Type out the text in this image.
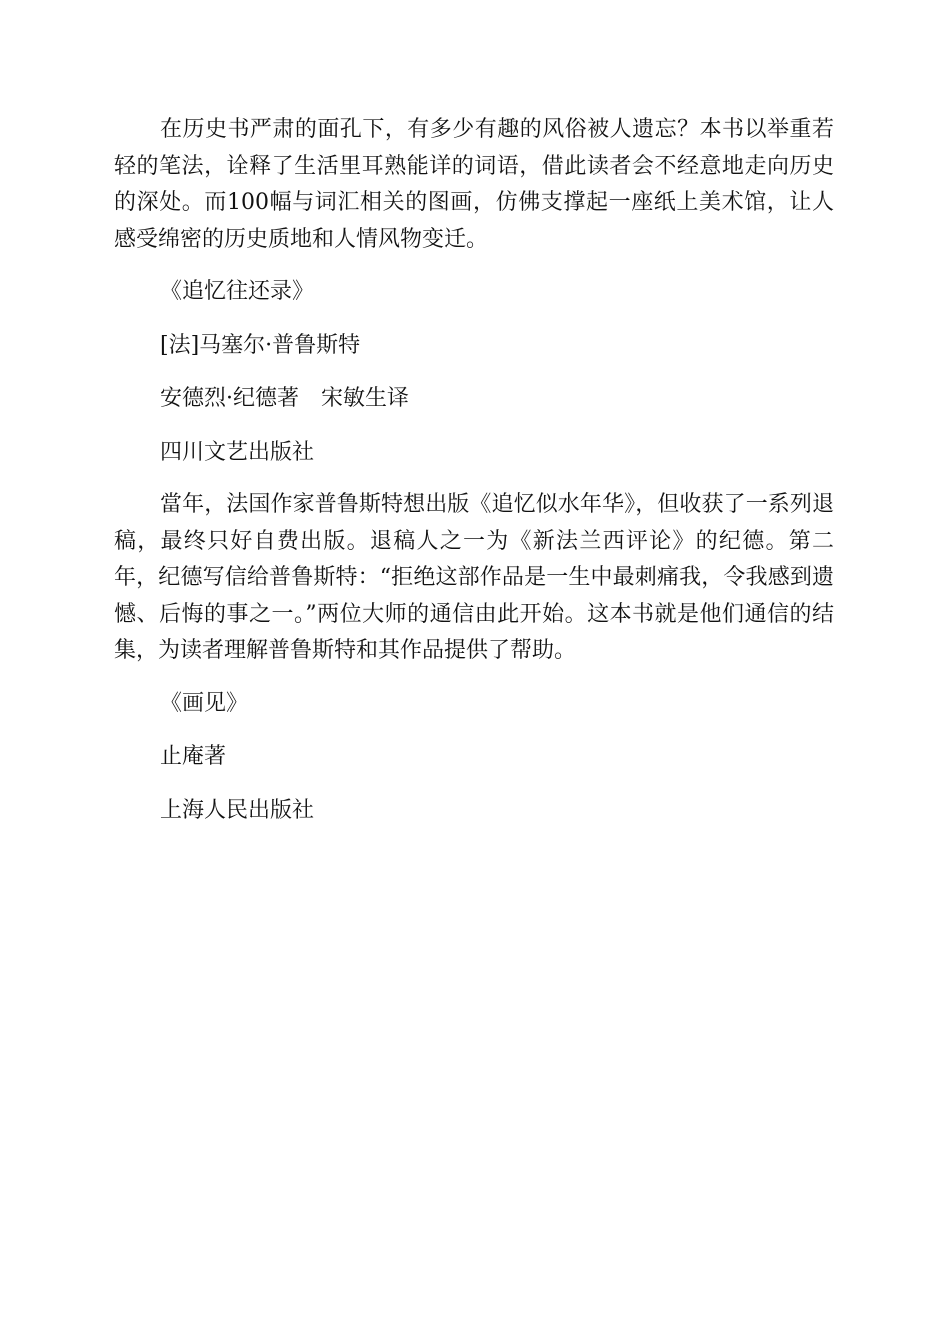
在历史书严肃的面孔下，有多少有趣的风俗被人遗忘？本书以举重若轻的笔法，诠释了生活里耳熟能详的词语，借此读者会不经意地走向历史的深处。而100幅与词汇相关的图画，仿佛支撑起一座纸上美术馆，让人感受绵密的历史质地和人情风物变迁。

《追忆往还录》

[法]马塞尔·普鲁斯特

安德烈·纪德著　宋敏生译

四川文艺出版社

當年，法国作家普鲁斯特想出版《追忆似水年华》，但收获了一系列退稿，最终只好自费出版。退稿人之一为《新法兰西评论》的纪德。第二年，纪德写信给普鲁斯特：“拒绝这部作品是一生中最刺痛我，令我感到遗憾、后悔的事之一。”两位大师的通信由此开始。这本书就是他们通信的结集，为读者理解普鲁斯特和其作品提供了帮助。

《画见》

止庵著

上海人民出版社
